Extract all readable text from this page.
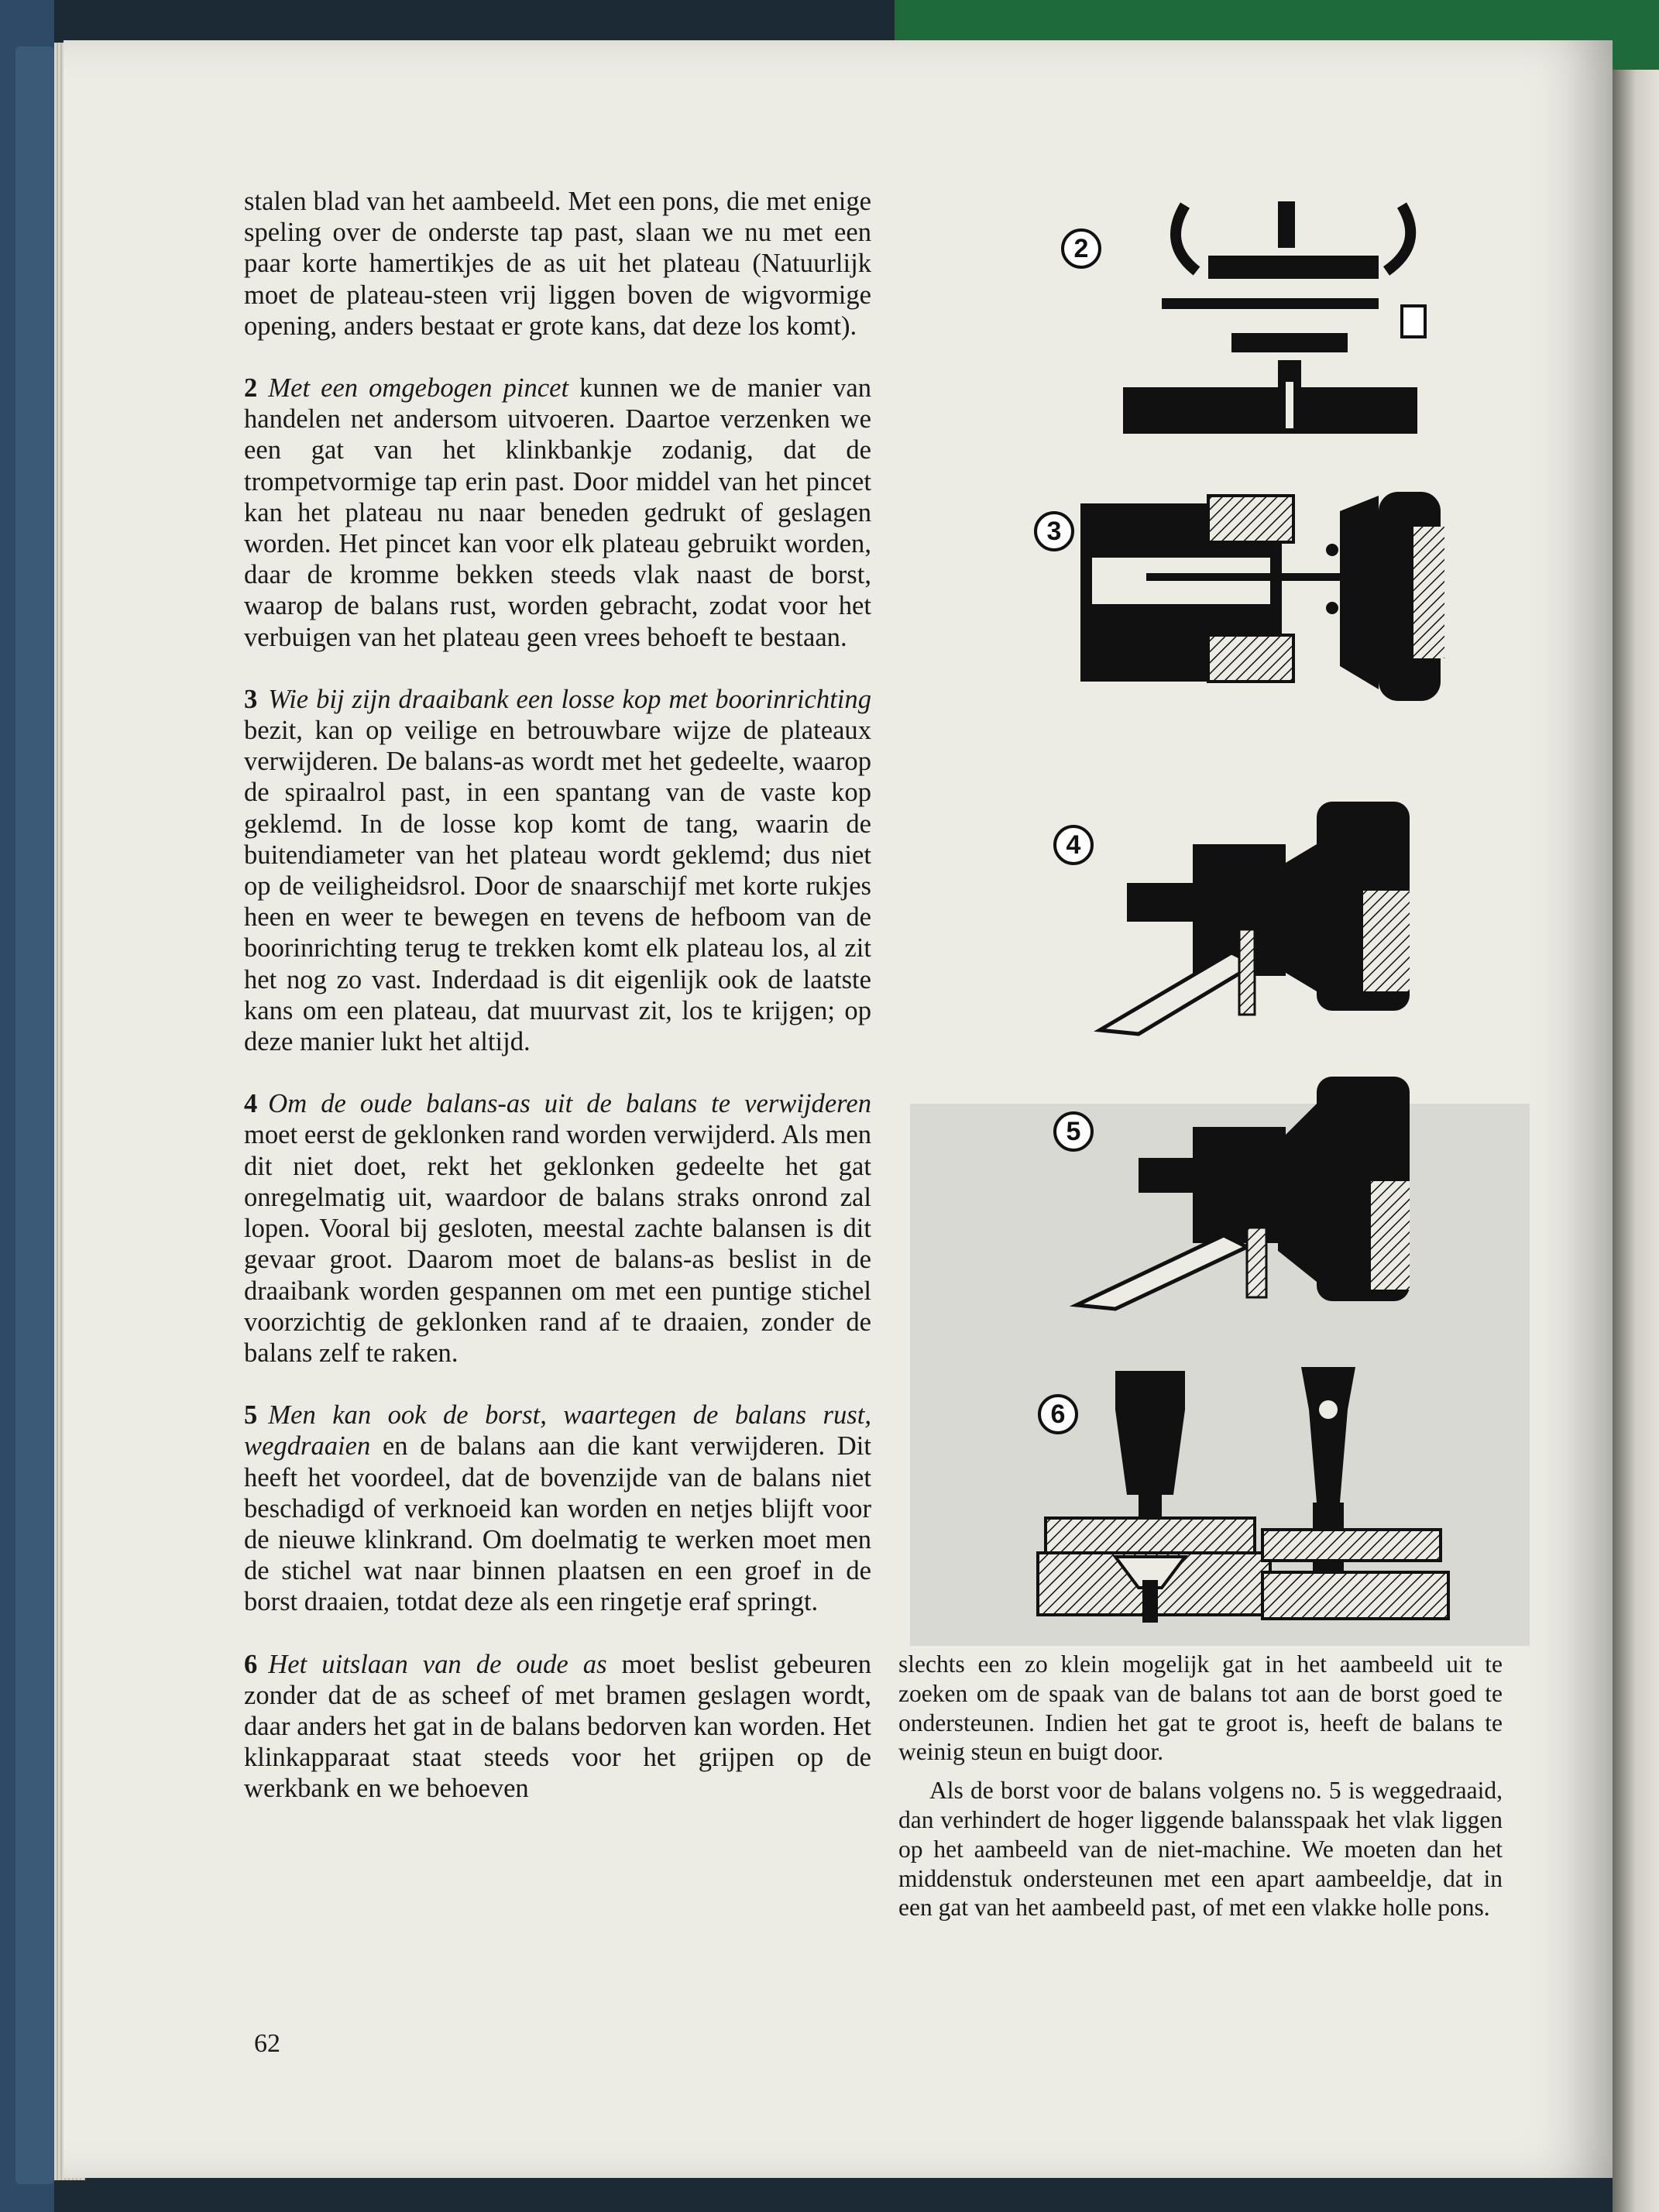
stalen blad van het aambeeld. Met een pons, die met enige speling over de onderste tap past, slaan we nu met een paar korte hamertikjes de as uit het plateau (Natuurlijk moet de plateau-steen vrij liggen boven de wigvormige opening, anders bestaat er grote kans, dat deze los komt).

2 Met een omgebogen pincet kunnen we de manier van handelen net andersom uitvoeren. Daartoe verzenken we een gat van het klinkbankje zodanig, dat de trompetvormige tap erin past. Door middel van het pincet kan het plateau nu naar beneden gedrukt of geslagen worden. Het pincet kan voor elk plateau gebruikt worden, daar de kromme bekken steeds vlak naast de borst, waarop de balans rust, worden gebracht, zodat voor het verbuigen van het plateau geen vrees behoeft te bestaan.

3 Wie bij zijn draaibank een losse kop met boorinrichting bezit, kan op veilige en betrouwbare wijze de plateaux verwijderen. De balans-as wordt met het gedeelte, waarop de spiraalrol past, in een spantang van de vaste kop geklemd. In de losse kop komt de tang, waarin de buitendiameter van het plateau wordt geklemd; dus niet op de veiligheidsrol. Door de snaarschijf met korte rukjes heen en weer te bewegen en tevens de hefboom van de boorinrichting terug te trekken komt elk plateau los, al zit het nog zo vast. Inderdaad is dit eigenlijk ook de laatste kans om een plateau, dat muurvast zit, los te krijgen; op deze manier lukt het altijd.

4 Om de oude balans-as uit de balans te verwijderen moet eerst de geklonken rand worden verwijderd. Als men dit niet doet, rekt het geklonken gedeelte het gat onregelmatig uit, waardoor de balans straks onrond zal lopen. Vooral bij gesloten, meestal zachte balansen is dit gevaar groot. Daarom moet de balans-as beslist in de draaibank worden gespannen om met een puntige stichel voorzichtig de geklonken rand af te draaien, zonder de balans zelf te raken.

5 Men kan ook de borst, waartegen de balans rust, wegdraaien en de balans aan die kant verwijderen. Dit heeft het voordeel, dat de bovenzijde van de balans niet beschadigd of verknoeid kan worden en netjes blijft voor de nieuwe klinkrand. Om doelmatig te werken moet men de stichel wat naar binnen plaatsen en een groef in de borst draaien, totdat deze als een ringetje eraf springt.

6 Het uitslaan van de oude as moet beslist gebeuren zonder dat de as scheef of met bramen geslagen wordt, daar anders het gat in de balans bedorven kan worden. Het klinkapparaat staat steeds voor het grijpen op de werkbank en we behoeven

62

slechts een zo klein mogelijk gat in het aambeeld uit te zoeken om de spaak van de balans tot aan de borst goed te ondersteunen. Indien het gat te groot is, heeft de balans te weinig steun en buigt door.

Als de borst voor de balans volgens no. 5 is weggedraaid, dan verhindert de hoger liggende balansspaak het vlak liggen op het aambeeld van de niet-machine. We moeten dan het middenstuk ondersteunen met een apart aambeeldje, dat in een gat van het aambeeld past, of met een vlakke holle pons.

2
3
4
5
6
